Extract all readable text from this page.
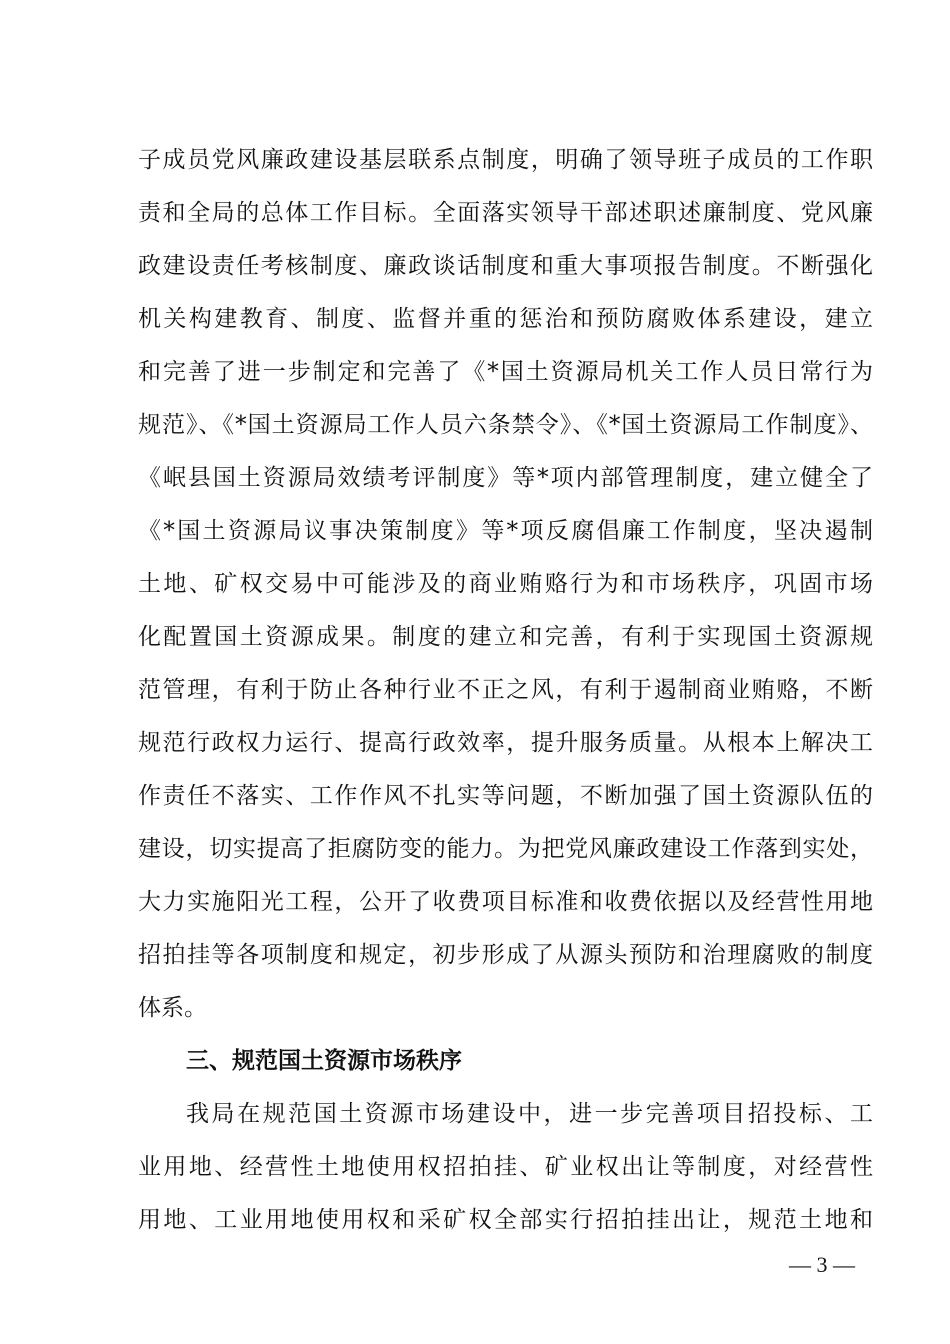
子成员党风廉政建设基层联系点制度，明确了领导班子成员的工作职
责和全局的总体工作目标。全面落实领导干部述职述廉制度、党风廉
政建设责任考核制度、廉政谈话制度和重大事项报告制度。不断强化
机关构建教育、制度、监督并重的惩治和预防腐败体系建设，建立
和完善了进一步制定和完善了《*国土资源局机关工作人员日常行为
规范》、《*国土资源局工作人员六条禁令》、《*国土资源局工作制度》、
《岷县国土资源局效绩考评制度》等*项内部管理制度，建立健全了
《*国土资源局议事决策制度》等*项反腐倡廉工作制度，坚决遏制
土地、矿权交易中可能涉及的商业贿赂行为和市场秩序，巩固市场
化配置国土资源成果。制度的建立和完善，有利于实现国土资源规
范管理，有利于防止各种行业不正之风，有利于遏制商业贿赂，不断
规范行政权力运行、提高行政效率，提升服务质量。从根本上解决工
作责任不落实、工作作风不扎实等问题，不断加强了国土资源队伍的
建设，切实提高了拒腐防变的能力。为把党风廉政建设工作落到实处，
大力实施阳光工程，公开了收费项目标准和收费依据以及经营性用地
招拍挂等各项制度和规定，初步形成了从源头预防和治理腐败的制度
体系。
三、规范国土资源市场秩序
我局在规范国土资源市场建设中，进一步完善项目招投标、工
业用地、经营性土地使用权招拍挂、矿业权出让等制度，对经营性
用地、工业用地使用权和采矿权全部实行招拍挂出让，规范土地和
— 3 —
